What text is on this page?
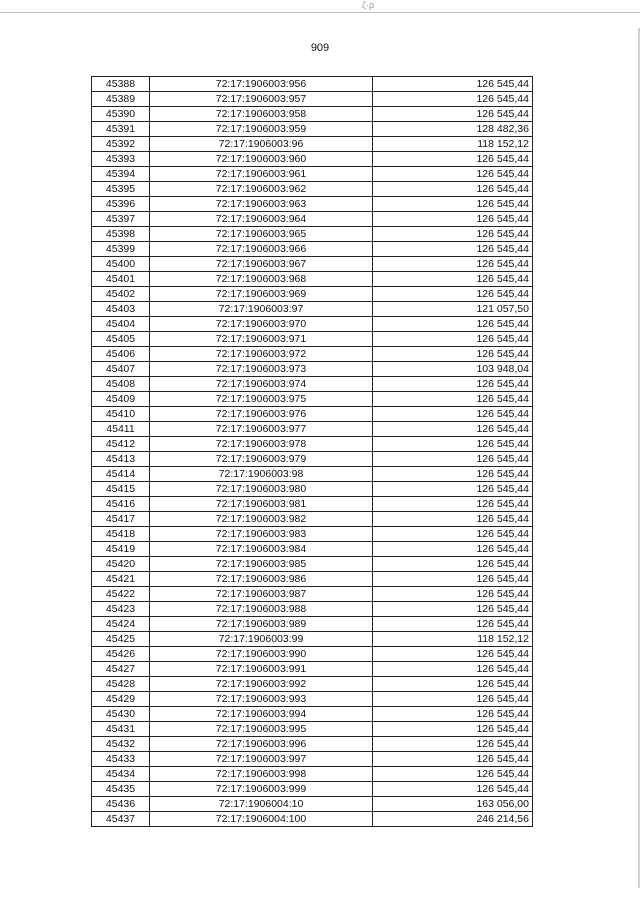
ζ·ρ
909
45388	72:17:1906003:956	126 545,44
45389	72:17:1906003:957	126 545,44
45390	72:17:1906003:958	126 545,44
45391	72:17:1906003:959	128 482,36
45392	72:17:1906003:96	118 152,12
45393	72:17:1906003:960	126 545,44
45394	72:17:1906003:961	126 545,44
45395	72:17:1906003:962	126 545,44
45396	72:17:1906003:963	126 545,44
45397	72:17:1906003:964	126 545,44
45398	72:17:1906003:965	126 545,44
45399	72:17:1906003:966	126 545,44
45400	72:17:1906003:967	126 545,44
45401	72:17:1906003:968	126 545,44
45402	72:17:1906003:969	126 545,44
45403	72:17:1906003:97	121 057,50
45404	72:17:1906003:970	126 545,44
45405	72:17:1906003:971	126 545,44
45406	72:17:1906003:972	126 545,44
45407	72:17:1906003:973	103 948,04
45408	72:17:1906003:974	126 545,44
45409	72:17:1906003:975	126 545,44
45410	72:17:1906003:976	126 545,44
45411	72:17:1906003:977	126 545,44
45412	72:17:1906003:978	126 545,44
45413	72:17:1906003:979	126 545,44
45414	72:17:1906003:98	126 545,44
45415	72:17:1906003:980	126 545,44
45416	72:17:1906003:981	126 545,44
45417	72:17:1906003:982	126 545,44
45418	72:17:1906003:983	126 545,44
45419	72:17:1906003:984	126 545,44
45420	72:17:1906003:985	126 545,44
45421	72:17:1906003:986	126 545,44
45422	72:17:1906003:987	126 545,44
45423	72:17:1906003:988	126 545,44
45424	72:17:1906003:989	126 545,44
45425	72:17:1906003:99	118 152,12
45426	72:17:1906003:990	126 545,44
45427	72:17:1906003:991	126 545,44
45428	72:17:1906003:992	126 545,44
45429	72:17:1906003:993	126 545,44
45430	72:17:1906003:994	126 545,44
45431	72:17:1906003:995	126 545,44
45432	72:17:1906003:996	126 545,44
45433	72:17:1906003:997	126 545,44
45434	72:17:1906003:998	126 545,44
45435	72:17:1906003:999	126 545,44
45436	72:17:1906004:10	163 056,00
45437	72:17:1906004:100	246 214,56
